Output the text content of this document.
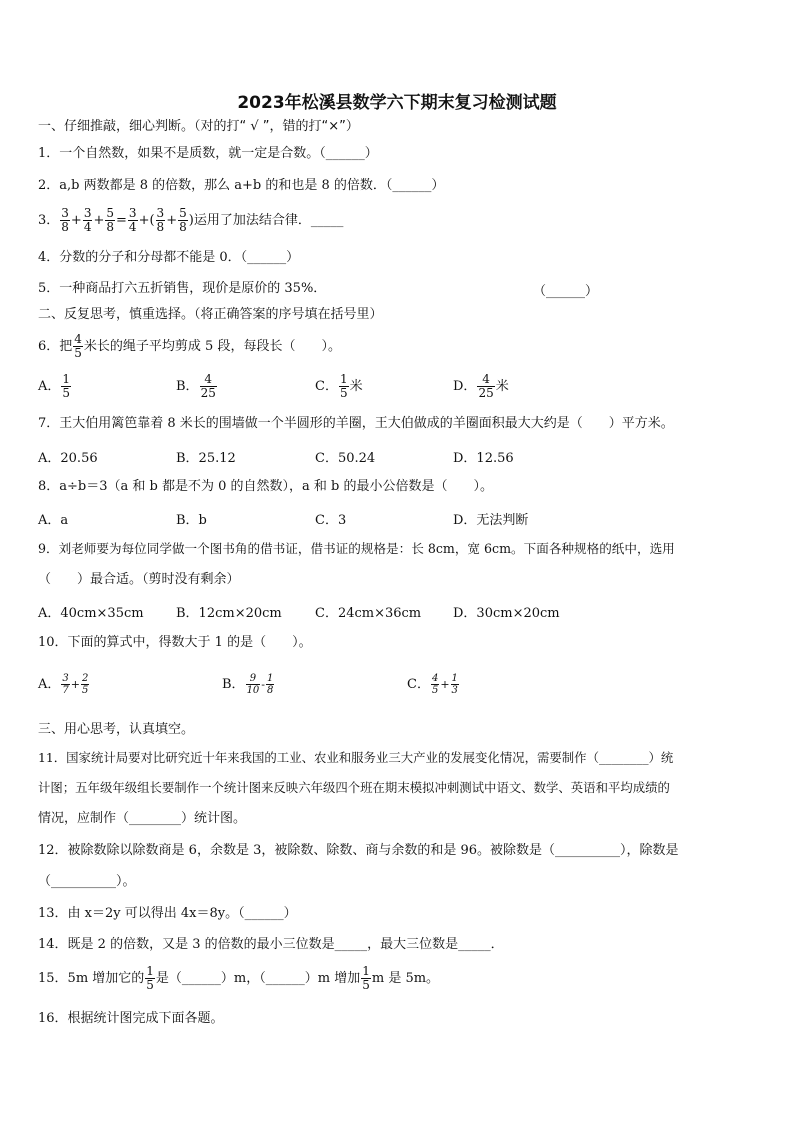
2023年松溪县数学六下期末复习检测试题
一、仔细推敲，细心判断。（对的打“ √ ”，错的打“×”）
1．一个自然数，如果不是质数，就一定是合数。（______）
2．a,b 两数都是 8 的倍数，那么 a+b 的和也是 8 的倍数．（______）
3． $\frac{3}{8} + \frac{3}{4} + \frac{5}{8} = \frac{3}{4}$ +( $\frac{3}{8} + \frac{5}{8}$ )运用了加法结合律．_____
4．分数的分子和分母都不能是 0．（______）
5．一种商品打六五折销售，现价是原价的 35%．	（______）
二、反复思考，慎重选择。（将正确答案的序号填在括号里）
6．把 $\frac{4}{5}$ 米长的绳子平均剪成 5 段，每段长（　　）。
A． $\frac{1}{5}$	B． $\frac{4}{25}$	C． $\frac{1}{5}$ 米	D． $\frac{4}{25}$ 米
7．王大伯用篱笆靠着 8 米长的围墙做一个半圆形的羊圈，王大伯做成的羊圈面积最大大约是（　　）平方米。
A．20.56	B．25.12	C．50.24	D．12.56
8．a÷b＝3（a 和 b 都是不为 0 的自然数），a 和 b 的最小公倍数是（　　）。
A．a	B．b	C．3	D．无法判断
9．刘老师要为每位同学做一个图书角的借书证，借书证的规格是：长 8cm，宽 6cm。下面各种规格的纸中，选用
（　　）最合适。（剪时没有剩余）
A．40cm×35cm B．12cm×20cm	C．24cm×36cm D．30cm×20cm
10．下面的算式中，得数大于 1 的是（　　）。
A． $\frac{3}{7} + \frac{2}{5}$	B． $\frac{9}{10} - \frac{1}{8}$	C． $\frac{4}{5} + \frac{1}{3}$
三、用心思考，认真填空。
11．国家统计局要对比研究近十年来我国的工业、农业和服务业三大产业的发展变化情况，需要制作（________）统
计图；五年级年级组长要制作一个统计图来反映六年级四个班在期末模拟冲刺测试中语文、数学、英语和平均成绩的
情况，应制作（________）统计图。
12．被除数除以除数商是 6，余数是 3，被除数、除数、商与余数的和是 96。被除数是（__________），除数是
（__________）。
13．由 x＝2y 可以得出 4x＝8y。（______）
14．既是 2 的倍数，又是 3 的倍数的最小三位数是_____，最大三位数是_____．
15．5m 增加它的 $\frac{1}{5}$ 是（______）m，（______）m 增加 $\frac{1}{5}$ m 是 5m。
16．根据统计图完成下面各题。
